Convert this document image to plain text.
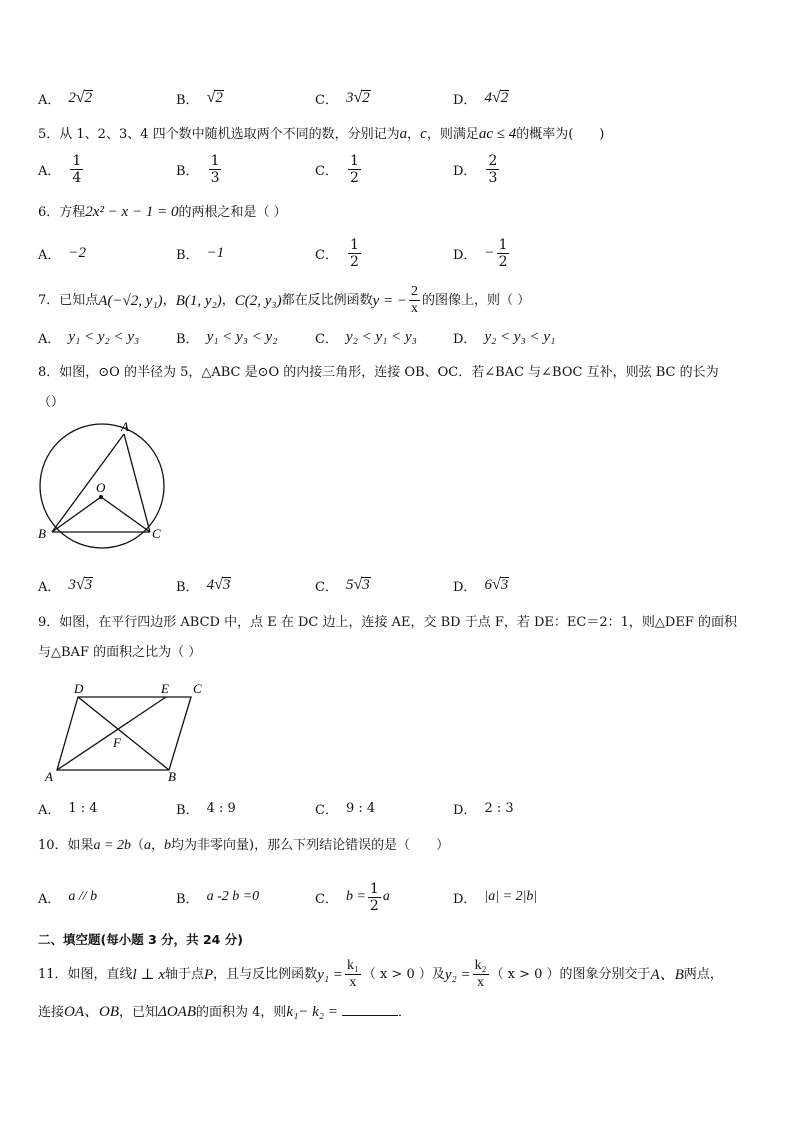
A． 2 √ 2	B． √ 2	C． 3 √ 2	D． 4 √ 2
5．从 1、2、3、4 四个数中随机选取两个不同的数，分别记为a，c，则满足ac ≤ 4的概率为(　　)
A． $\frac{1}{4}$	B． $\frac{1}{3}$	C． $\frac{1}{2}$	D． $\frac{2}{3}$
6．方程2x² − x − 1 = 0的两根之和是（ ）
A． −2	B． −1	C． $\frac{1}{2}$	D． − $\frac{1}{2}$
7．已知点 A(−√2, y₁) ， B(1, y₂) ， C(2, y₃) 都在反比例函数 y = − $\frac{2}{x}$ 的图像上，则（ ）
A． y₁ < y₂ < y₃	B． y₁ < y₃ < y₂	C． y₂ < y₁ < y₃	D． y₂ < y₃ < y₁
8．如图，⊙O 的半径为 5，△ABC 是⊙O 的内接三角形，连接 OB、OC．若∠BAC 与∠BOC 互补，则弦 BC 的长为
（）
A
O
B	C
A． 3 √ 3	B． 4 √ 3	C． 5 √ 3	D． 6 √ 3
9．如图，在平行四边形 ABCD 中，点 E 在 DC 边上，连接 AE，交 BD 于点 F，若 DE：EC＝2：1，则△DEF 的面积
与△BAF 的面积之比为（ ）
D	E C
F
A	B
A． 1 : 4	B． 4 : 9	C． 9 : 4	D． 2 : 3
10．如果a = 2b（a，b均为非零向量)，那么下列结论错误的是（　　）
A． a // b	B． a -2 b =0	C． $b = \frac{1}{2}$ a	D． |a| = 2|b|
二、填空题(每小题 3 分，共 24 分)
11．如图，直线 l ⊥ x 轴于点 P ，且与反比例函数 $y_1 = \frac{\text{k₁}}{x}$ （ x > 0 ）及 $y_2 = \frac{\text{k₂}}{x}$ （ x > 0 ）的图象分别交于 A、B 两点，
连接OA、OB，已知ΔOAB的面积为 4，则k₁− k₂ =	．
